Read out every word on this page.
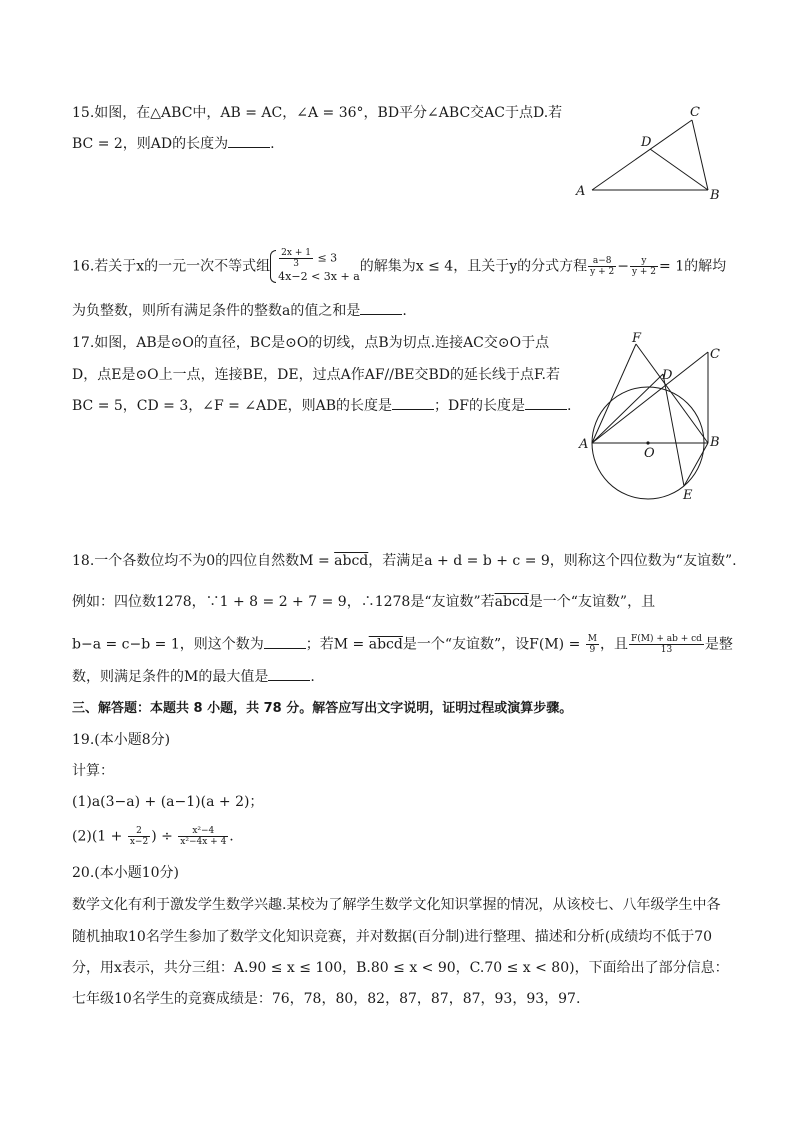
15.如图，在△ABC中，AB = AC，∠A = 36°，BD平分∠ABC交AC于点D.若
BC = 2，则AD的长度为	.
A	B
C
D
16.若关于x的一元一次不等式组 $\frac{2x + 1}{3} \le 3$
4x−2 < 3x + a
的解集为x ≤ 4，且关于y的分式方程 $\frac{a-8}{y + 2} - \frac{y}{y + 2} = 1$的解均
为负整数，则所有满足条件的整数a的值之和是	.
17.如图，AB是⊙O的直径，BC是⊙O的切线，点B为切点.连接AC交⊙O于点
D，点E是⊙O上一点，连接BE，DE，过点A作AF//BE交BD的延长线于点F.若
BC = 5，CD = 3，∠F = ∠ADE，则AB的长度是	；DF的长度是	.
F
C
D
A	B
O
E
18.一个各数位均不为0的四位自然数M = abcd，若满足a + d = b + c = 9，则称这个四位数为“友谊数”.
例如：四位数1278，∵1 + 8 = 2 + 7 = 9，∴1278是“友谊数”若abcd是一个“友谊数”，且
b−a = c−b = 1，则这个数为	；若M = abcd是一个“友谊数”，设$F(M) = \frac{M}{9}$ ，且 $\frac{F(M) + ab + cd}{13}$ 是整
数，则满足条件的M的最大值是	.
三、解答题：本题共 8 小题，共 78 分。解答应写出文字说明，证明过程或演算步骤。
19.(本小题8分)
计算：
(1)a(3−a) + (a−1)(a + 2)；
$(2)(1 + \frac{2}{x-2}$ ) ÷ $\frac{\text{x²−4}}{\text{x²−4x + 4}}$ .
20.(本小题10分)
数学文化有利于激发学生数学兴趣.某校为了解学生数学文化知识掌握的情况，从该校七、八年级学生中各
随机抽取10名学生参加了数学文化知识竞赛，并对数据(百分制)进行整理、描述和分析(成绩均不低于70
分，用x表示，共分三组：A.90 ≤ x ≤ 100，B.80 ≤ x < 90，C.70 ≤ x < 80)，下面给出了部分信息：
七年级10名学生的竞赛成绩是：76，78，80，82，87，87，87，93，93，97.
